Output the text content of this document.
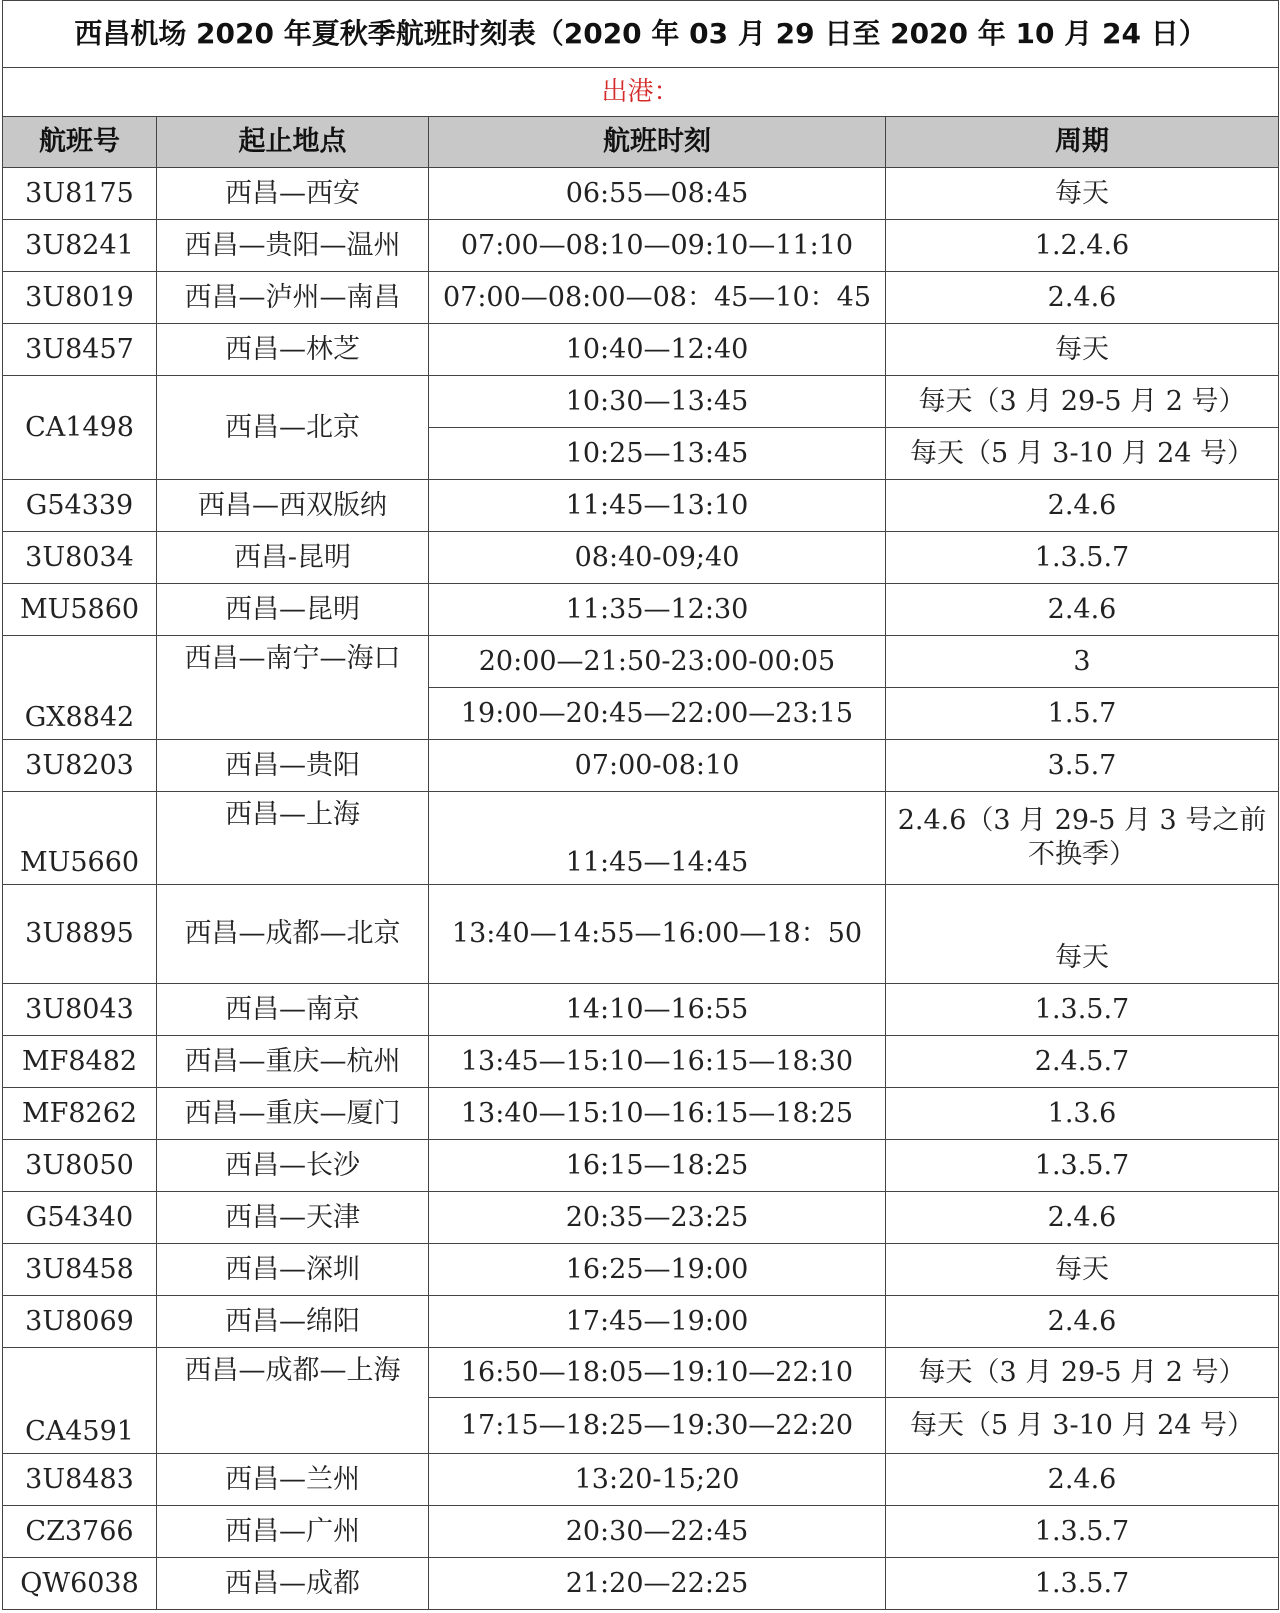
西昌机场 2020 年夏秋季航班时刻表（2020 年 03 月 29 日至 2020 年 10 月 24 日）			
出港：			
航班号	起止地点	航班时刻	周期
3U8175	西昌—西安	06:55—08:45	每天
3U8241	西昌—贵阳—温州	07:00—08:10—09:10—11:10	1.2.4.6
3U8019	西昌—泸州—南昌	07:00—08:00—08：45—10：45	2.4.6
3U8457	西昌—林芝	10:40—12:40	每天
CA1498	西昌—北京	10:30—13:45	每天（3 月 29-5 月 2 号）
		10:25—13:45	每天（5 月 3-10 月 24 号）
G54339	西昌—西双版纳	11:45—13:10	2.4.6
3U8034	西昌-昆明	08:40-09;40	1.3.5.7
MU5860	西昌—昆明	11:35—12:30	2.4.6
GX8842	西昌—南宁—海口	20:00—21:50-23:00-00:05	3
		19:00—20:45—22:00—23:15	1.5.7
3U8203	西昌—贵阳	07:00-08:10	3.5.7
MU5660	西昌—上海	11:45—14:45	2.4.6（3 月 29-5 月 3 号之前不换季）
3U8895	西昌—成都—北京	13:40—14:55—16:00—18：50	每天
3U8043	西昌—南京	14:10—16:55	1.3.5.7
MF8482	西昌—重庆—杭州	13:45—15:10—16:15—18:30	2.4.5.7
MF8262	西昌—重庆—厦门	13:40—15:10—16:15—18:25	1.3.6
3U8050	西昌—长沙	16:15—18:25	1.3.5.7
G54340	西昌—天津	20:35—23:25	2.4.6
3U8458	西昌—深圳	16:25—19:00	每天
3U8069	西昌—绵阳	17:45—19:00	2.4.6
CA4591	西昌—成都—上海	16:50—18:05—19:10—22:10	每天（3 月 29-5 月 2 号）
		17:15—18:25—19:30—22:20	每天（5 月 3-10 月 24 号）
3U8483	西昌—兰州	13:20-15;20	2.4.6
CZ3766	西昌—广州	20:30—22:45	1.3.5.7
QW6038	西昌—成都	21:20—22:25	1.3.5.7
